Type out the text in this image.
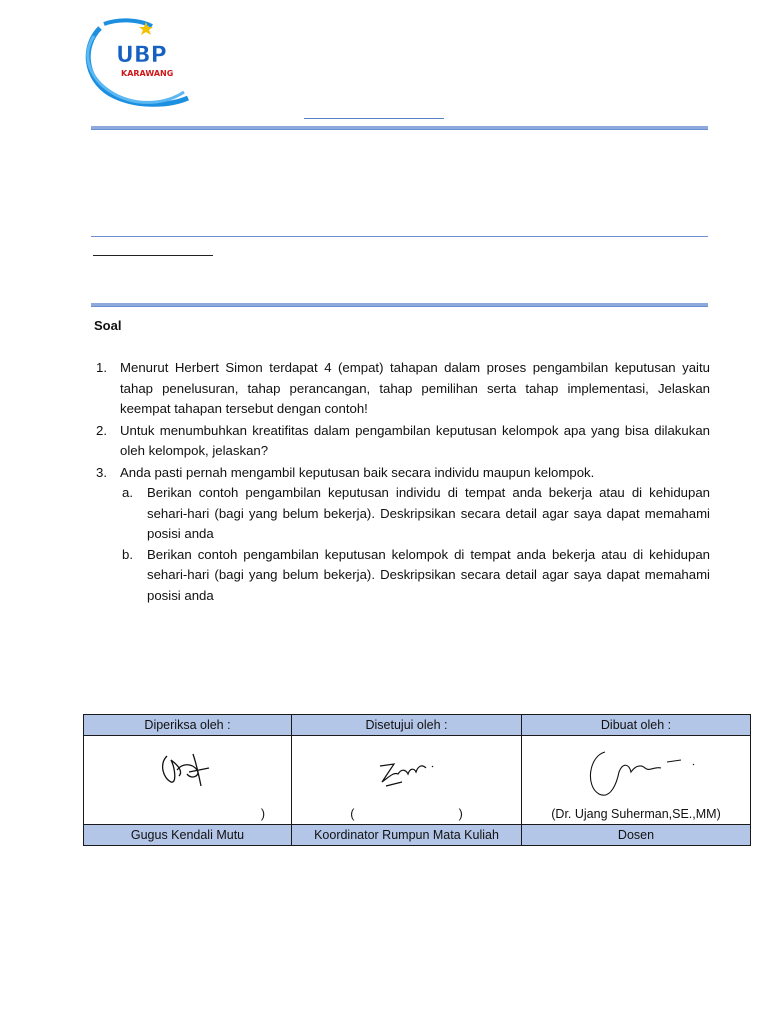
UBP
KARAWANG
Soal
1. Menurut Herbert Simon terdapat 4 (empat) tahapan dalam proses pengambilan keputusan yaitu tahap penelusuran, tahap perancangan, tahap pemilihan serta tahap implementasi, Jelaskan keempat tahapan tersebut dengan contoh!
2. Untuk menumbuhkan kreatifitas dalam pengambilan keputusan kelompok apa yang bisa dilakukan oleh kelompok, jelaskan?
3. Anda pasti pernah mengambil keputusan baik secara individu maupun kelompok.
a.	Berikan contoh pengambilan keputusan individu di tempat anda bekerja atau di kehidupan sehari-hari (bagi yang belum bekerja). Deskripsikan secara detail agar saya dapat memahami posisi anda
b.	Berikan contoh pengambilan keputusan kelompok di tempat anda bekerja atau di kehidupan sehari-hari (bagi yang belum bekerja). Deskripsikan secara detail agar saya dapat memahami posisi anda
Diperiksa oleh :	Disetujui oleh :	Dibuat oleh :

)	(                              )	(Dr. Ujang Suherman,SE.,MM)

Gugus Kendali Mutu	Koordinator Rumpun Mata Kuliah	Dosen
